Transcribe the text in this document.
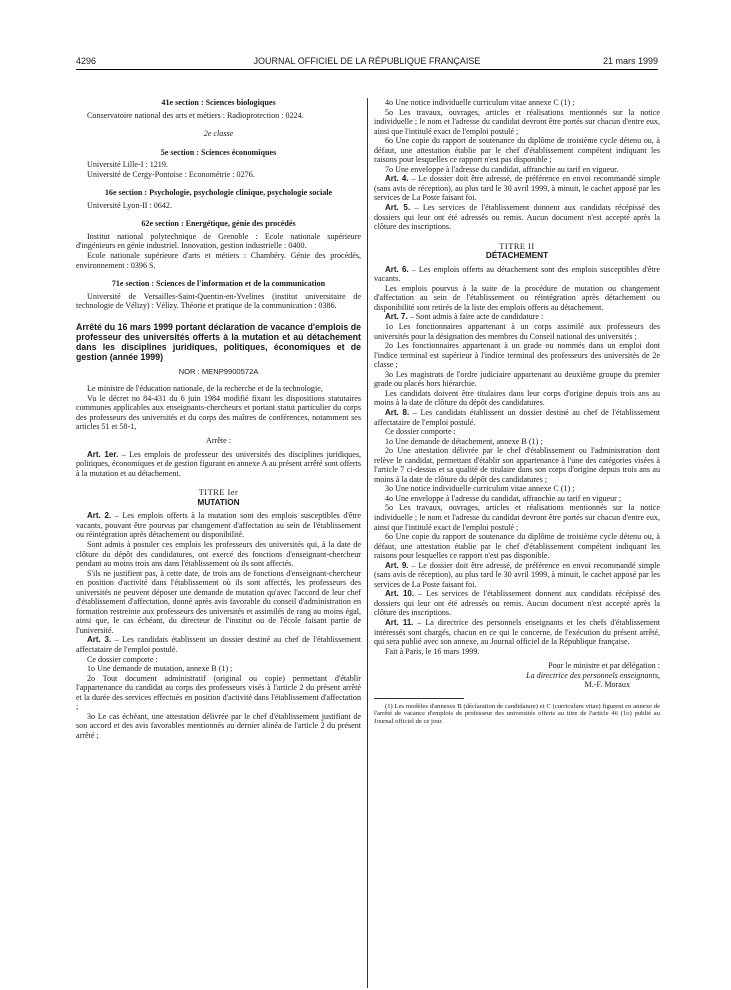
4296	JOURNAL OFFICIEL DE LA RÉPUBLIQUE FRANÇAISE	21 mars 1999

41e section : Sciences biologiques

Conservatoire national des arts et métiers : Radioprotection : 0224.

2e classe

5e section : Sciences économiques

Université Lille-I : 1219.

Université de Cergy-Pontoise : Econométrie : 0276.

16e section : Psychologie, psychologie clinique, psychologie sociale

Université Lyon-II : 0642.

62e section : Energétique, génie des procédés

Institut national polytechnique de Grenoble : Ecole nationale supérieure d'ingénieurs en génie industriel. Innovation, gestion industrielle : 0400.

Ecole nationale supérieure d'arts et métiers : Chambéry. Génie des procédés, environnement : 0396 S.

71e section : Sciences de l'information et de la communication

Université de Versailles-Saint-Quentin-en-Yvelines (institut universitaire de technologie de Vélizy) : Vélizy. Théorie et pratique de la communication : 0386.

Arrêté du 16 mars 1999 portant déclaration de vacance d'emplois de professeur des universités offerts à la mutation et au détachement dans les disciplines juridiques, politiques, économiques et de gestion (année 1999)
NOR : MENP9900572A

Le ministre de l'éducation nationale, de la recherche et de la technologie,

Vu le décret no 84-431 du 6 juin 1984 modifié fixant les dispositions statutaires communes applicables aux enseignants-chercheurs et portant statut particulier du corps des professeurs des universités et du corps des maîtres de conférences, notamment ses articles 51 et 58-1,

Arrête :

Art. 1er. – Les emplois de professeur des universités des disciplines juridiques, politiques, économiques et de gestion figurant en annexe A au présent arrêté sont offerts à la mutation et au détachement.

TITRE Ier
MUTATION

Art. 2. – Les emplois offerts à la mutation sont des emplois susceptibles d'être vacants, pouvant être pourvus par changement d'affectation au sein de l'établissement ou réintégration après détachement ou disponibilité.

Sont admis à postuler ces emplois les professeurs des universités qui, à la date de clôture du dépôt des candidatures, ont exercé des fonctions d'enseignant-chercheur pendant au moins trois ans dans l'établissement où ils sont affectés.

S'ils ne justifient pas, à cette date, de trois ans de fonctions d'enseignant-chercheur en position d'activité dans l'établissement où ils sont affectés, les professeurs des universités ne peuvent déposer une demande de mutation qu'avec l'accord de leur chef d'établissement d'affectation, donné après avis favorable du conseil d'administration en formation restreinte aux professeurs des universités et assimilés de rang au moins égal, ainsi que, le cas échéant, du directeur de l'institut ou de l'école faisant partie de l'université.

Art. 3. – Les candidats établissent un dossier destiné au chef de l'établissement affectataire de l'emploi postulé.

Ce dossier comporte :

1o Une demande de mutation, annexe B (1) ;

2o Tout document administratif (original ou copie) permettant d'établir l'appartenance du candidat au corps des professeurs visés à l'article 2 du présent arrêté et la durée des services effectués en position d'activité dans l'établissement d'affectation ;

3o Le cas échéant, une attestation délivrée par le chef d'établissement justifiant de son accord et des avis favorables mentionnés au dernier alinéa de l'article 2 du présent arrêté ;

4o Une notice individuelle curriculum vitae annexe C (1) ;

5o Les travaux, ouvrages, articles et réalisations mentionnés sur la notice individuelle ; le nom et l'adresse du candidat devront être portés sur chacun d'entre eux, ainsi que l'intitulé exact de l'emploi postulé ;

6o Une copie du rapport de soutenance du diplôme de troisième cycle détenu ou, à défaut, une attestation établie par le chef d'établissement compétent indiquant les raisons pour lesquelles ce rapport n'est pas disponible ;

7o Une enveloppe à l'adresse du candidat, affranchie au tarif en vigueur.

Art. 4. – Le dossier doit être adressé, de préférence en envoi recommandé simple (sans avis de réception), au plus tard le 30 avril 1999, à minuit, le cachet apposé par les services de La Poste faisant foi.

Art. 5. – Les services de l'établissement donnent aux candidats récépissé des dossiers qui leur ont été adressés ou remis. Aucun document n'est accepté après la clôture des inscriptions.

TITRE II
DÉTACHEMENT

Art. 6. – Les emplois offerts au détachement sont des emplois susceptibles d'être vacants.

Les emplois pourvus à la suite de la procédure de mutation ou changement d'affectation au sein de l'établissement ou réintégration après détachement ou disponibilité sont retirés de la liste des emplois offerts au détachement.

Art. 7. – Sont admis à faire acte de candidature :

1o Les fonctionnaires appartenant à un corps assimilé aux professeurs des universités pour la désignation des membres du Conseil national des universités ;

2o Les fonctionnaires appartenant à un grade ou nommés dans un emploi dont l'indice terminal est supérieur à l'indice terminal des professeurs des universités de 2e classe ;

3o Les magistrats de l'ordre judiciaire appartenant au deuxième groupe du premier grade ou placés hors hiérarchie.

Les candidats doivent être titulaires dans leur corps d'origine depuis trois ans au moins à la date de clôture du dépôt des candidatures.

Art. 8. – Les candidats établissent un dossier destiné au chef de l'établissement affectataire de l'emploi postulé.

Ce dossier comporte :

1o Une demande de détachement, annexe B (1) ;

2o Une attestation délivrée par le chef d'établissement ou l'administration dont relève le candidat, permettant d'établir son appartenance à l'une des catégories visées à l'article 7 ci-dessus et sa qualité de titulaire dans son corps d'origine depuis trois ans au moins à la date de clôture du dépôt des candidatures ;

3o Une notice individuelle curriculum vitae annexe C (1) ;

4o Une enveloppe à l'adresse du candidat, affranchie au tarif en vigueur ;

5o Les travaux, ouvrages, articles et réalisations mentionnés sur la notice individuelle ; le nom et l'adresse du candidat devront être portés sur chacun d'entre eux, ainsi que l'intitulé exact de l'emploi postulé ;

6o Une copie du rapport de soutenance du diplôme de troisième cycle détenu ou, à défaut, une attestation établie par le chef d'établissement compétent indiquant les raisons pour lesquelles ce rapport n'est pas disponible.

Art. 9. – Le dossier doit être adressé, de préférence en envoi recommandé simple (sans avis de réception), au plus tard le 30 avril 1999, à minuit, le cachet apposé par les services de La Poste faisant foi.

Art. 10. – Les services de l'établissement donnent aux candidats récépissé des dossiers qui leur ont été adressés ou remis. Aucun document n'est accepté après la clôture des inscriptions.

Art. 11. – La directrice des personnels enseignants et les chefs d'établissement intéressés sont chargés, chacun en ce qui le concerne, de l'exécution du présent arrêté, qui sera publié avec son annexe, au Journal officiel de la République française.

Fait à Paris, le 16 mars 1999.

Pour le ministre et par délégation :

La directrice des personnels enseignants,

M.-F. Moraux

(1) Les modèles d'annexes B (déclaration de candidature) et C (curriculum vitae) figurent en annexe de l'arrêté de vacance d'emplois de professeur des universités offerts au titre de l'article 46 (1o) publié au Journal officiel de ce jour.
